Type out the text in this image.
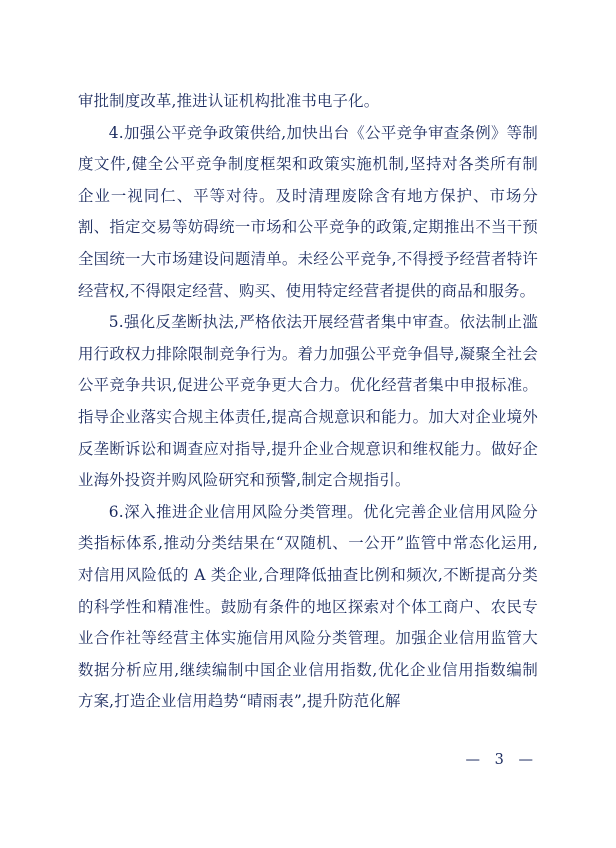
审批制度改革,推进认证机构批准书电子化。

4.加强公平竞争政策供给,加快出台《公平竞争审查条例》等制度文件,健全公平竞争制度框架和政策实施机制,坚持对各类所有制企业一视同仁、平等对待。及时清理废除含有地方保护、市场分割、指定交易等妨碍统一市场和公平竞争的政策,定期推出不当干预全国统一大市场建设问题清单。未经公平竞争,不得授予经营者特许经营权,不得限定经营、购买、使用特定经营者提供的商品和服务。

5.强化反垄断执法,严格依法开展经营者集中审查。依法制止滥用行政权力排除限制竞争行为。着力加强公平竞争倡导,凝聚全社会公平竞争共识,促进公平竞争更大合力。优化经营者集中申报标准。指导企业落实合规主体责任,提高合规意识和能力。加大对企业境外反垄断诉讼和调查应对指导,提升企业合规意识和维权能力。做好企业海外投资并购风险研究和预警,制定合规指引。

6.深入推进企业信用风险分类管理。优化完善企业信用风险分类指标体系,推动分类结果在“双随机、一公开”监管中常态化运用,对信用风险低的 A 类企业,合理降低抽查比例和频次,不断提高分类的科学性和精准性。鼓励有条件的地区探索对个体工商户、农民专业合作社等经营主体实施信用风险分类管理。加强企业信用监管大数据分析应用,继续编制中国企业信用指数,优化企业信用指数编制方案,打造企业信用趋势“晴雨表”,提升防范化解

— 3 —
